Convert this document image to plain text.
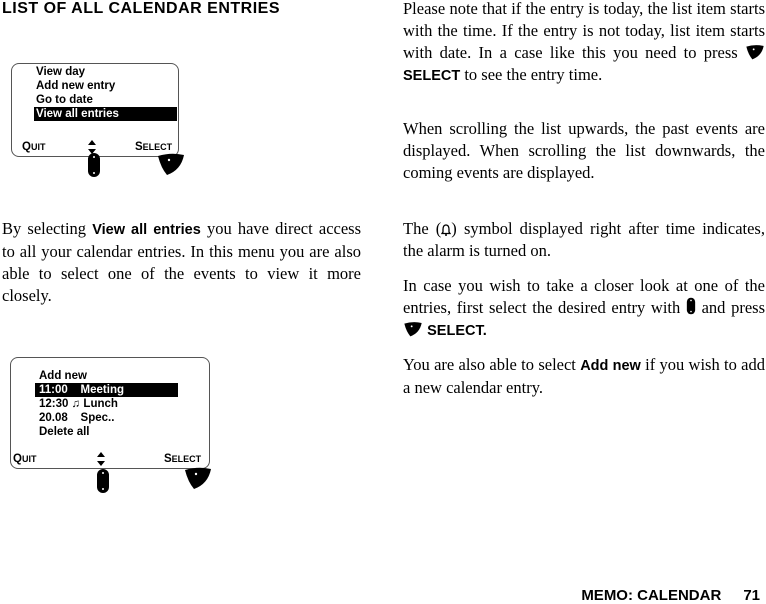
LIST OF ALL CALENDAR ENTRIES
View day
Add new entry
Go to date
View all entries
QUIT	SELECT

By selecting View all entries you have direct access to all your calendar entries. In this menu you are also able to select one of the events to view it more closely.

Add new
11:00    Meeting
12:30 ♫ Lunch
20.08    Spec..
Delete all
QUIT	SELECT

Please note that if the entry is today, the list item starts with the time. If the entry is not today, list item starts with date. In a case like this you need to press  SELECT to see the entry time.

When scrolling the list upwards, the past events are displayed. When scrolling the list downwards, the coming events are displayed.

The ( ) symbol displayed right after time indicates, the alarm is turned on.

In case you wish to take a closer look at one of the entries, first select the desired entry with  and press  SELECT.

You are also able to select Add new if you wish to add a new calendar entry.

MEMO: CALENDAR 71
